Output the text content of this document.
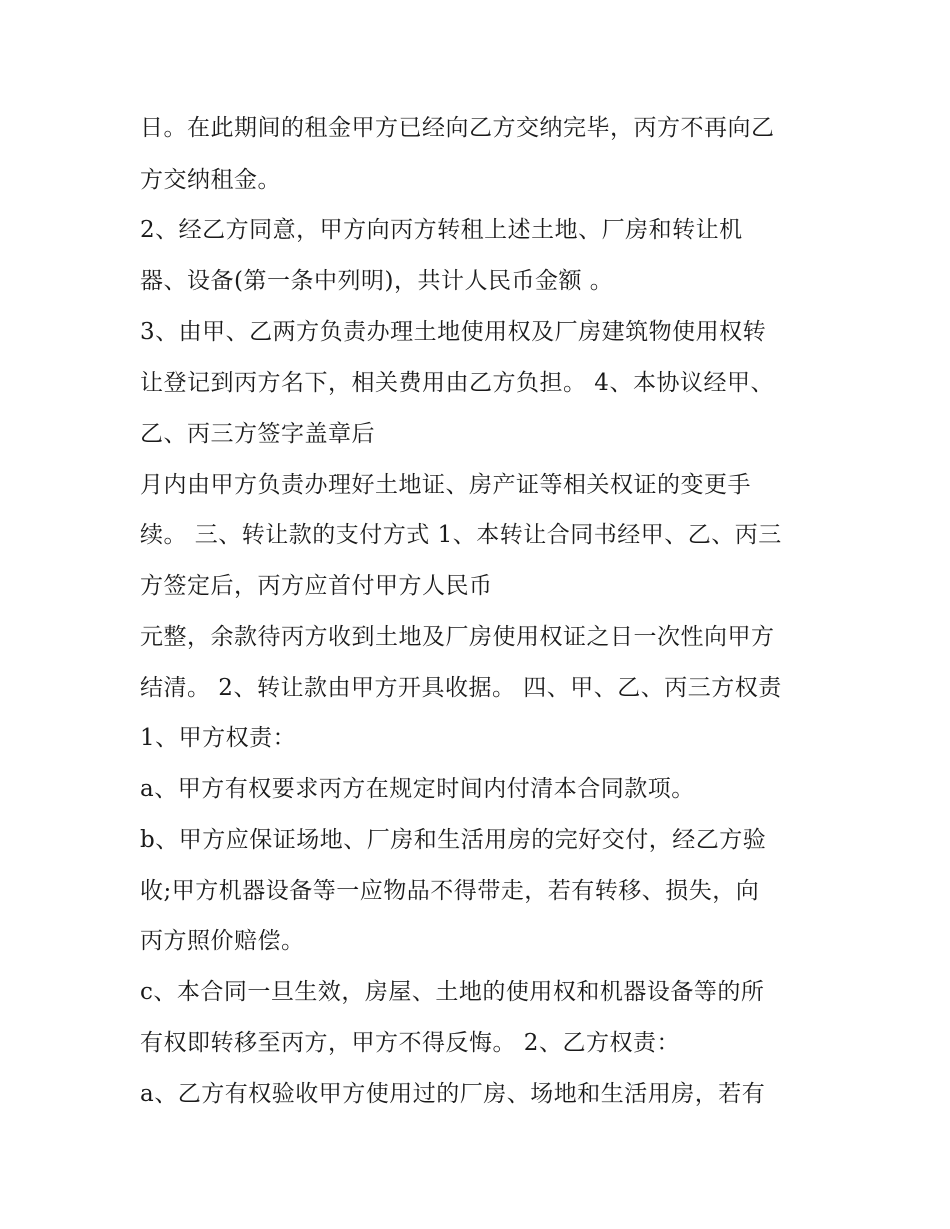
日。在此期间的租金甲方已经向乙方交纳完毕，丙方不再向乙
方交纳租金。
2、经乙方同意，甲方向丙方转租上述土地、厂房和转让机
器、设备(第一条中列明)，共计人民币金额 。
3、由甲、乙两方负责办理土地使用权及厂房建筑物使用权转
让登记到丙方名下，相关费用由乙方负担。 4、本协议经甲、
乙、丙三方签字盖章后
月内由甲方负责办理好土地证、房产证等相关权证的变更手
续。 三、转让款的支付方式 1、本转让合同书经甲、乙、丙三
方签定后，丙方应首付甲方人民币
元整，余款待丙方收到土地及厂房使用权证之日一次性向甲方
结清。 2、转让款由甲方开具收据。 四、甲、乙、丙三方权责
1、甲方权责：
a、甲方有权要求丙方在规定时间内付清本合同款项。
b、甲方应保证场地、厂房和生活用房的完好交付，经乙方验
收;甲方机器设备等一应物品不得带走，若有转移、损失，向
丙方照价赔偿。
c、本合同一旦生效，房屋、土地的使用权和机器设备等的所
有权即转移至丙方，甲方不得反悔。 2、乙方权责：
a、乙方有权验收甲方使用过的厂房、场地和生活用房，若有
